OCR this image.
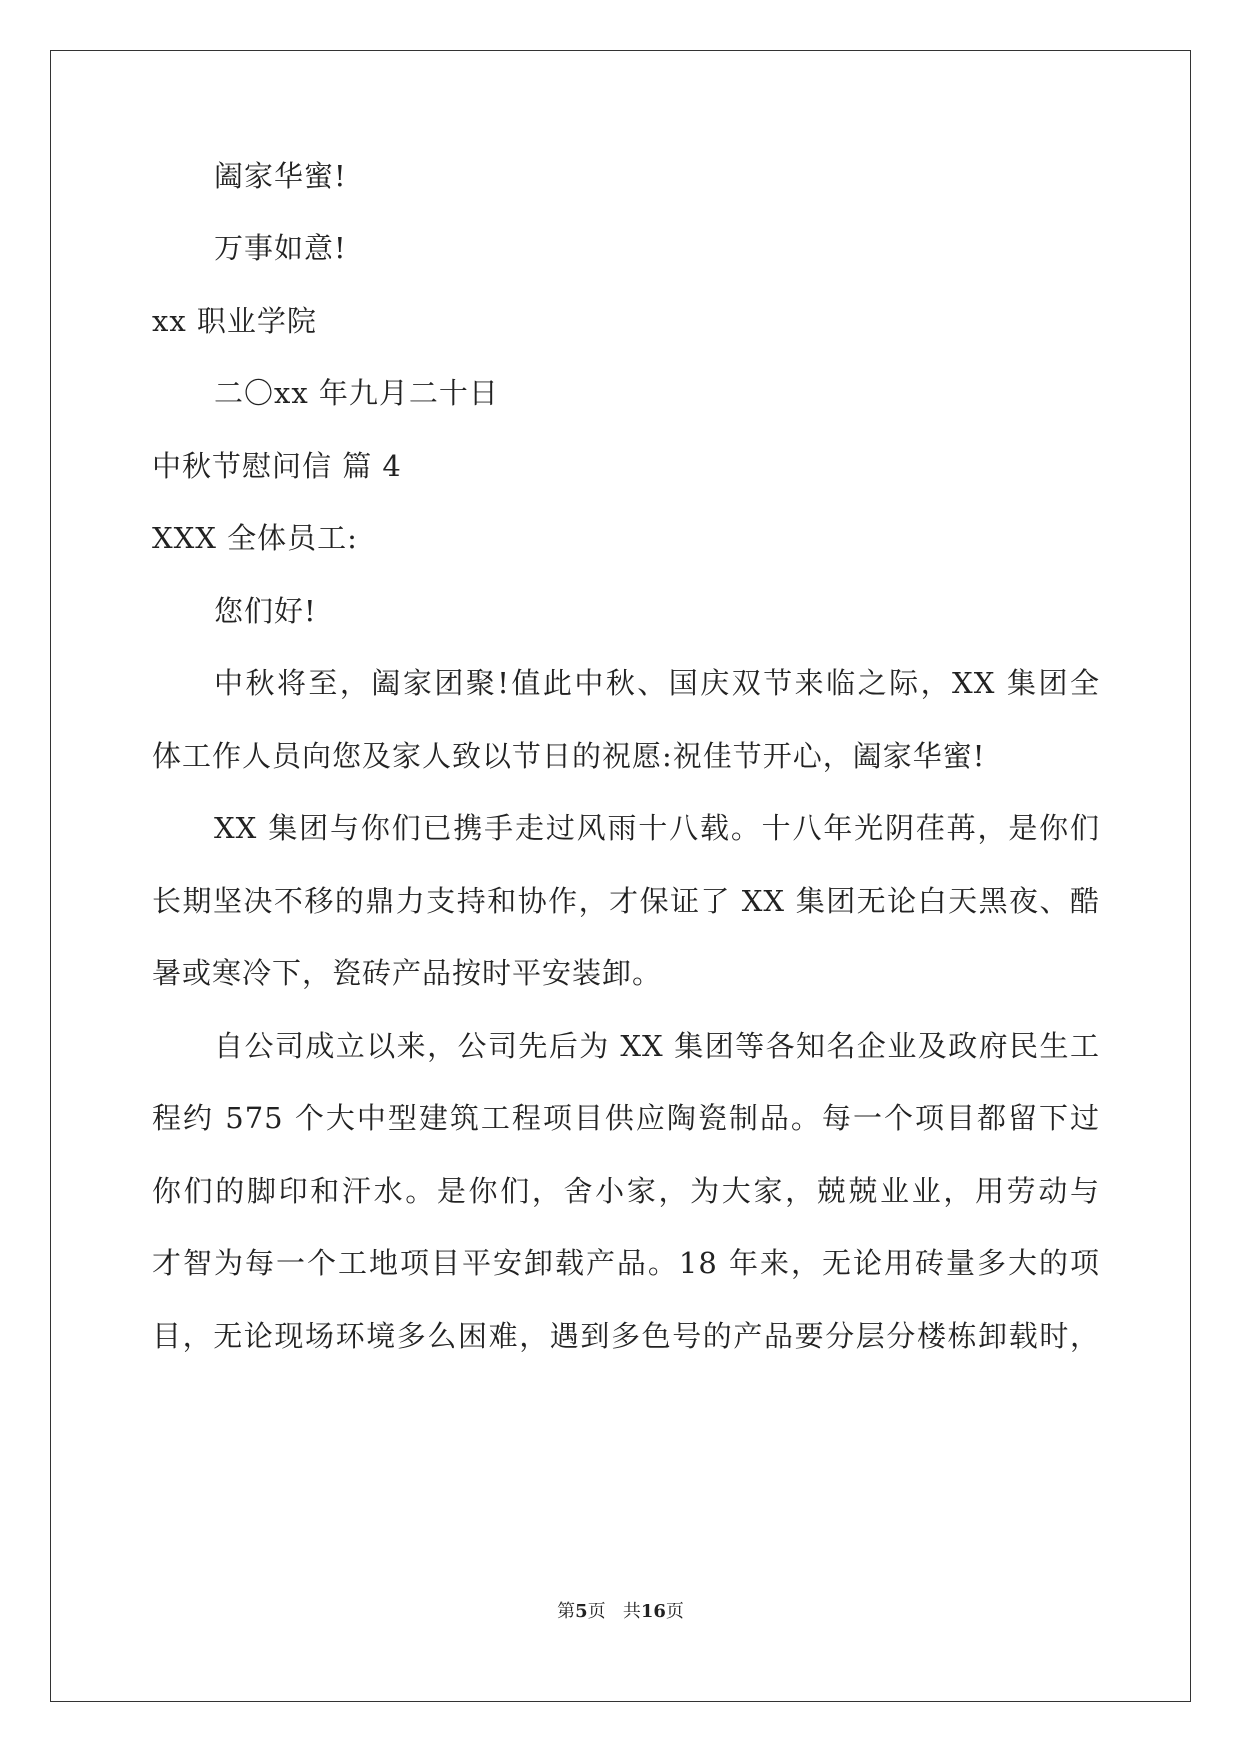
阖家华蜜!
万事如意!
xx 职业学院
二〇xx 年九月二十日
中秋节慰问信 篇 4
XXX 全体员工:
您们好!
中秋将至，阖家团聚!值此中秋、国庆双节来临之际，XX 集团全
体工作人员向您及家人致以节日的祝愿:祝佳节开心，阖家华蜜!
XX 集团与你们已携手走过风雨十八载。十八年光阴荏苒，是你们
长期坚决不移的鼎力支持和协作，才保证了 XX 集团无论白天黑夜、酷
暑或寒冷下，瓷砖产品按时平安装卸。
自公司成立以来，公司先后为 XX 集团等各知名企业及政府民生工
程约 575 个大中型建筑工程项目供应陶瓷制品。每一个项目都留下过
你们的脚印和汗水。是你们，舍小家，为大家，兢兢业业，用劳动与
才智为每一个工地项目平安卸载产品。18 年来，无论用砖量多大的项
目，无论现场环境多么困难，遇到多色号的产品要分层分楼栋卸载时，
第5页 共16页
